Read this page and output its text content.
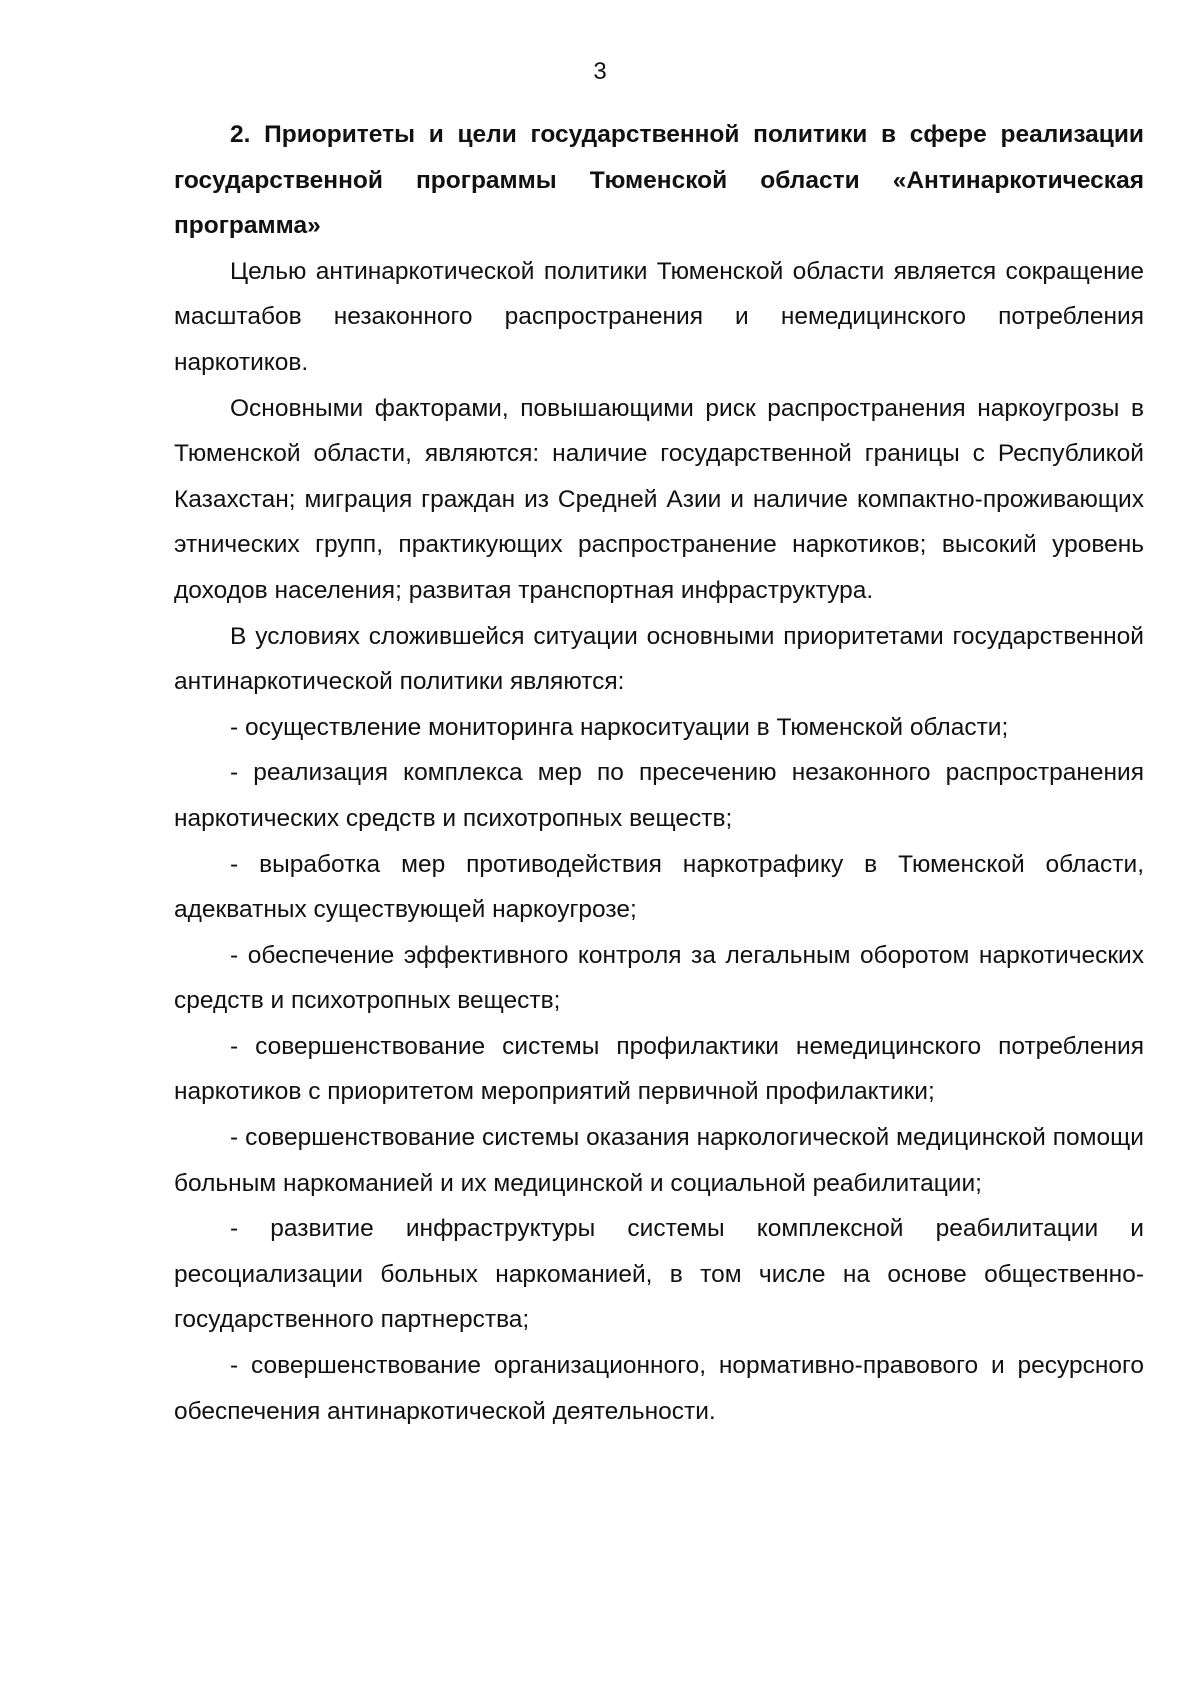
3

2. Приоритеты и цели государственной политики в сфере реализации государственной программы Тюменской области «Антинаркотическая программа»

Целью антинаркотической политики Тюменской области является сокращение масштабов незаконного распространения и немедицинского потребления наркотиков.

Основными факторами, повышающими риск распространения наркоугрозы в Тюменской области, являются: наличие государственной границы с Республикой Казахстан; миграция граждан из Средней Азии и наличие компактно-проживающих этнических групп, практикующих распространение наркотиков; высокий уровень доходов населения; развитая транспортная инфраструктура.

В условиях сложившейся ситуации основными приоритетами государственной антинаркотической политики являются:

- осуществление мониторинга наркоситуации в Тюменской области;

- реализация комплекса мер по пресечению незаконного распространения наркотических средств и психотропных веществ;

- выработка мер противодействия наркотрафику в Тюменской области, адекватных существующей наркоугрозе;

- обеспечение эффективного контроля за легальным оборотом наркотических средств и психотропных веществ;

- совершенствование системы профилактики немедицинского потребления наркотиков с приоритетом мероприятий первичной профилактики;

- совершенствование системы оказания наркологической медицинской помощи больным наркоманией и их медицинской и социальной реабилитации;

- развитие инфраструктуры системы комплексной реабилитации и ресоциализации больных наркоманией, в том числе на основе общественно-государственного партнерства;

- совершенствование организационного, нормативно-правового и ресурсного обеспечения антинаркотической деятельности.
